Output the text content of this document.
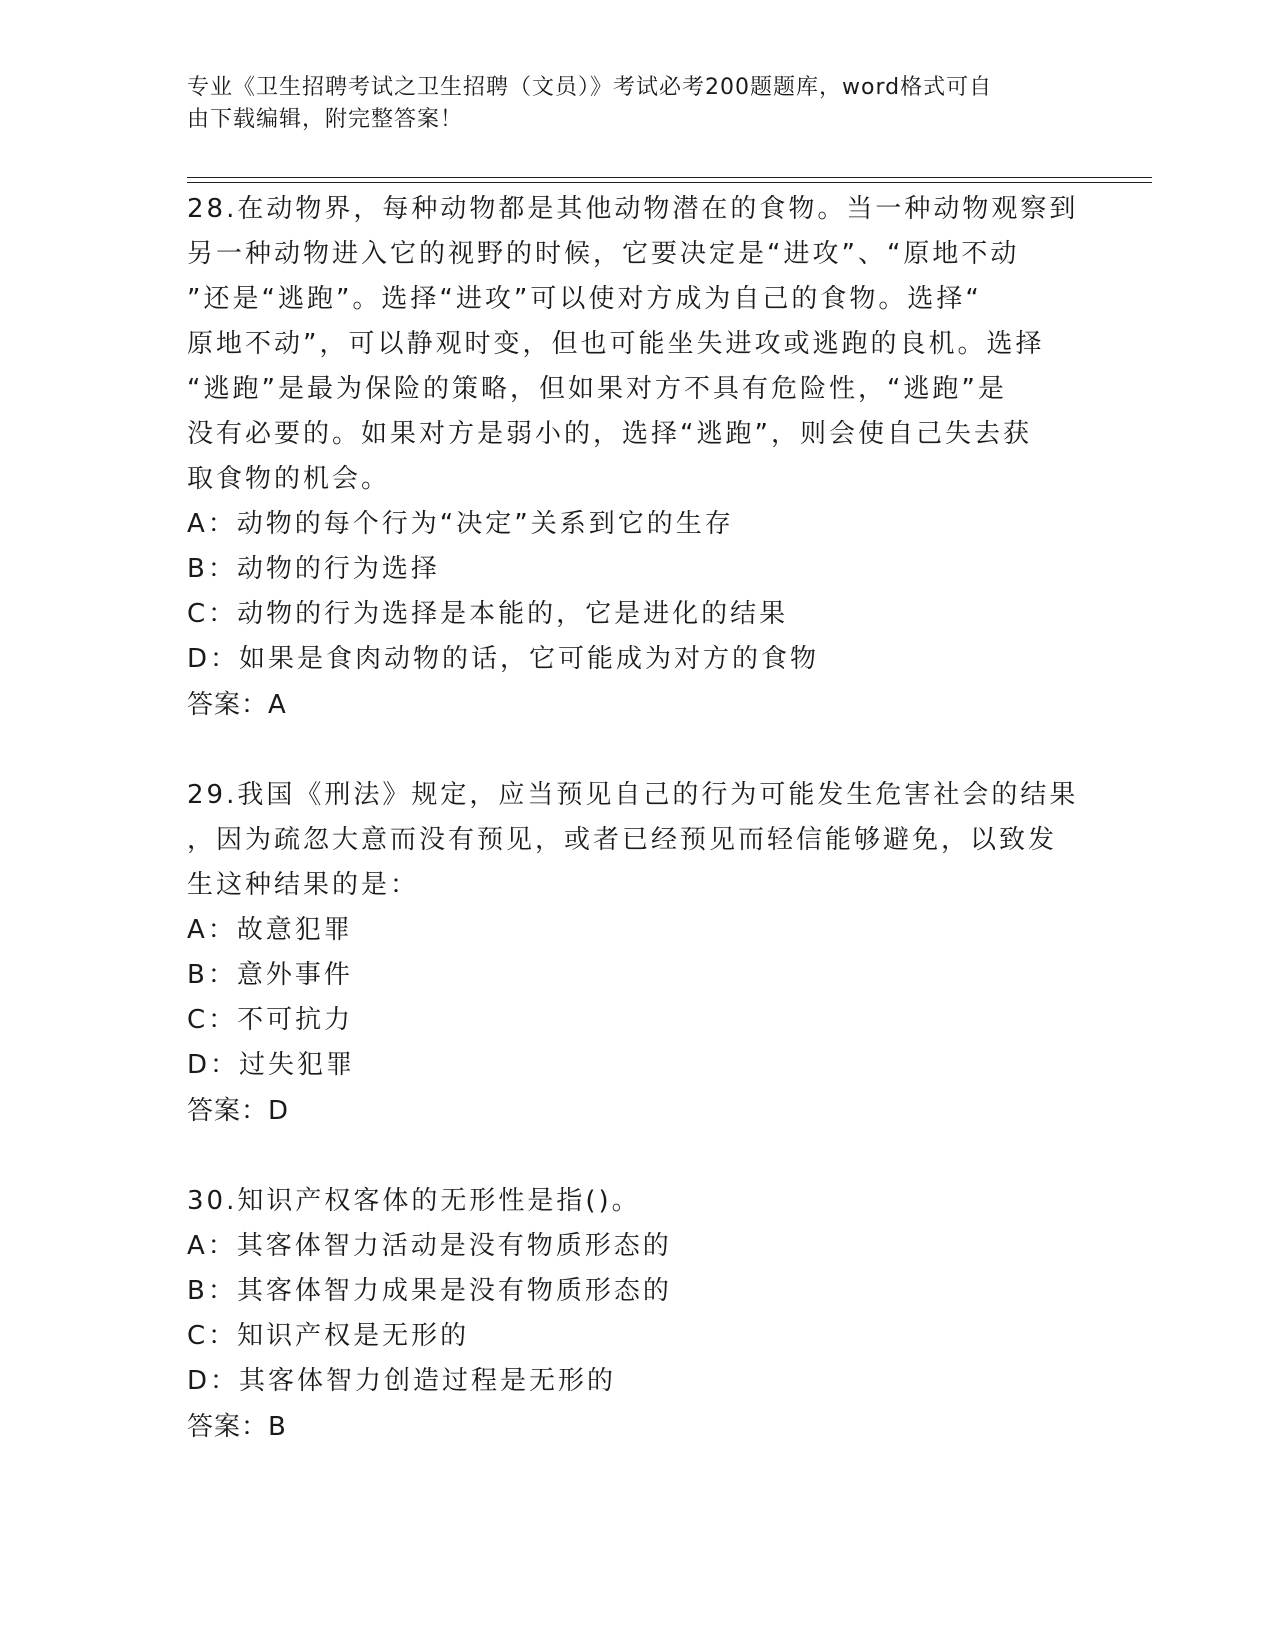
专业《卫生招聘考试之卫生招聘（文员）》考试必考200题题库，word格式可自
由下载编辑，附完整答案！

28.在动物界，每种动物都是其他动物潜在的食物。当一种动物观察到

另一种动物进入它的视野的时候，它要决定是“进攻”、“原地不动

”还是“逃跑”。选择“进攻”可以使对方成为自己的食物。选择“

原地不动”，可以静观时变，但也可能坐失进攻或逃跑的良机。选择

“逃跑”是最为保险的策略，但如果对方不具有危险性，“逃跑”是

没有必要的。如果对方是弱小的，选择“逃跑”，则会使自己失去获

取食物的机会。

A：动物的每个行为“决定”关系到它的生存

B：动物的行为选择

C：动物的行为选择是本能的，它是进化的结果

D：如果是食肉动物的话，它可能成为对方的食物

答案：A

29.我国《刑法》规定，应当预见自己的行为可能发生危害社会的结果

，因为疏忽大意而没有预见，或者已经预见而轻信能够避免，以致发

生这种结果的是：

A：故意犯罪

B：意外事件

C：不可抗力

D：过失犯罪

答案：D

30.知识产权客体的无形性是指()。

A：其客体智力活动是没有物质形态的

B：其客体智力成果是没有物质形态的

C：知识产权是无形的

D：其客体智力创造过程是无形的

答案：B
